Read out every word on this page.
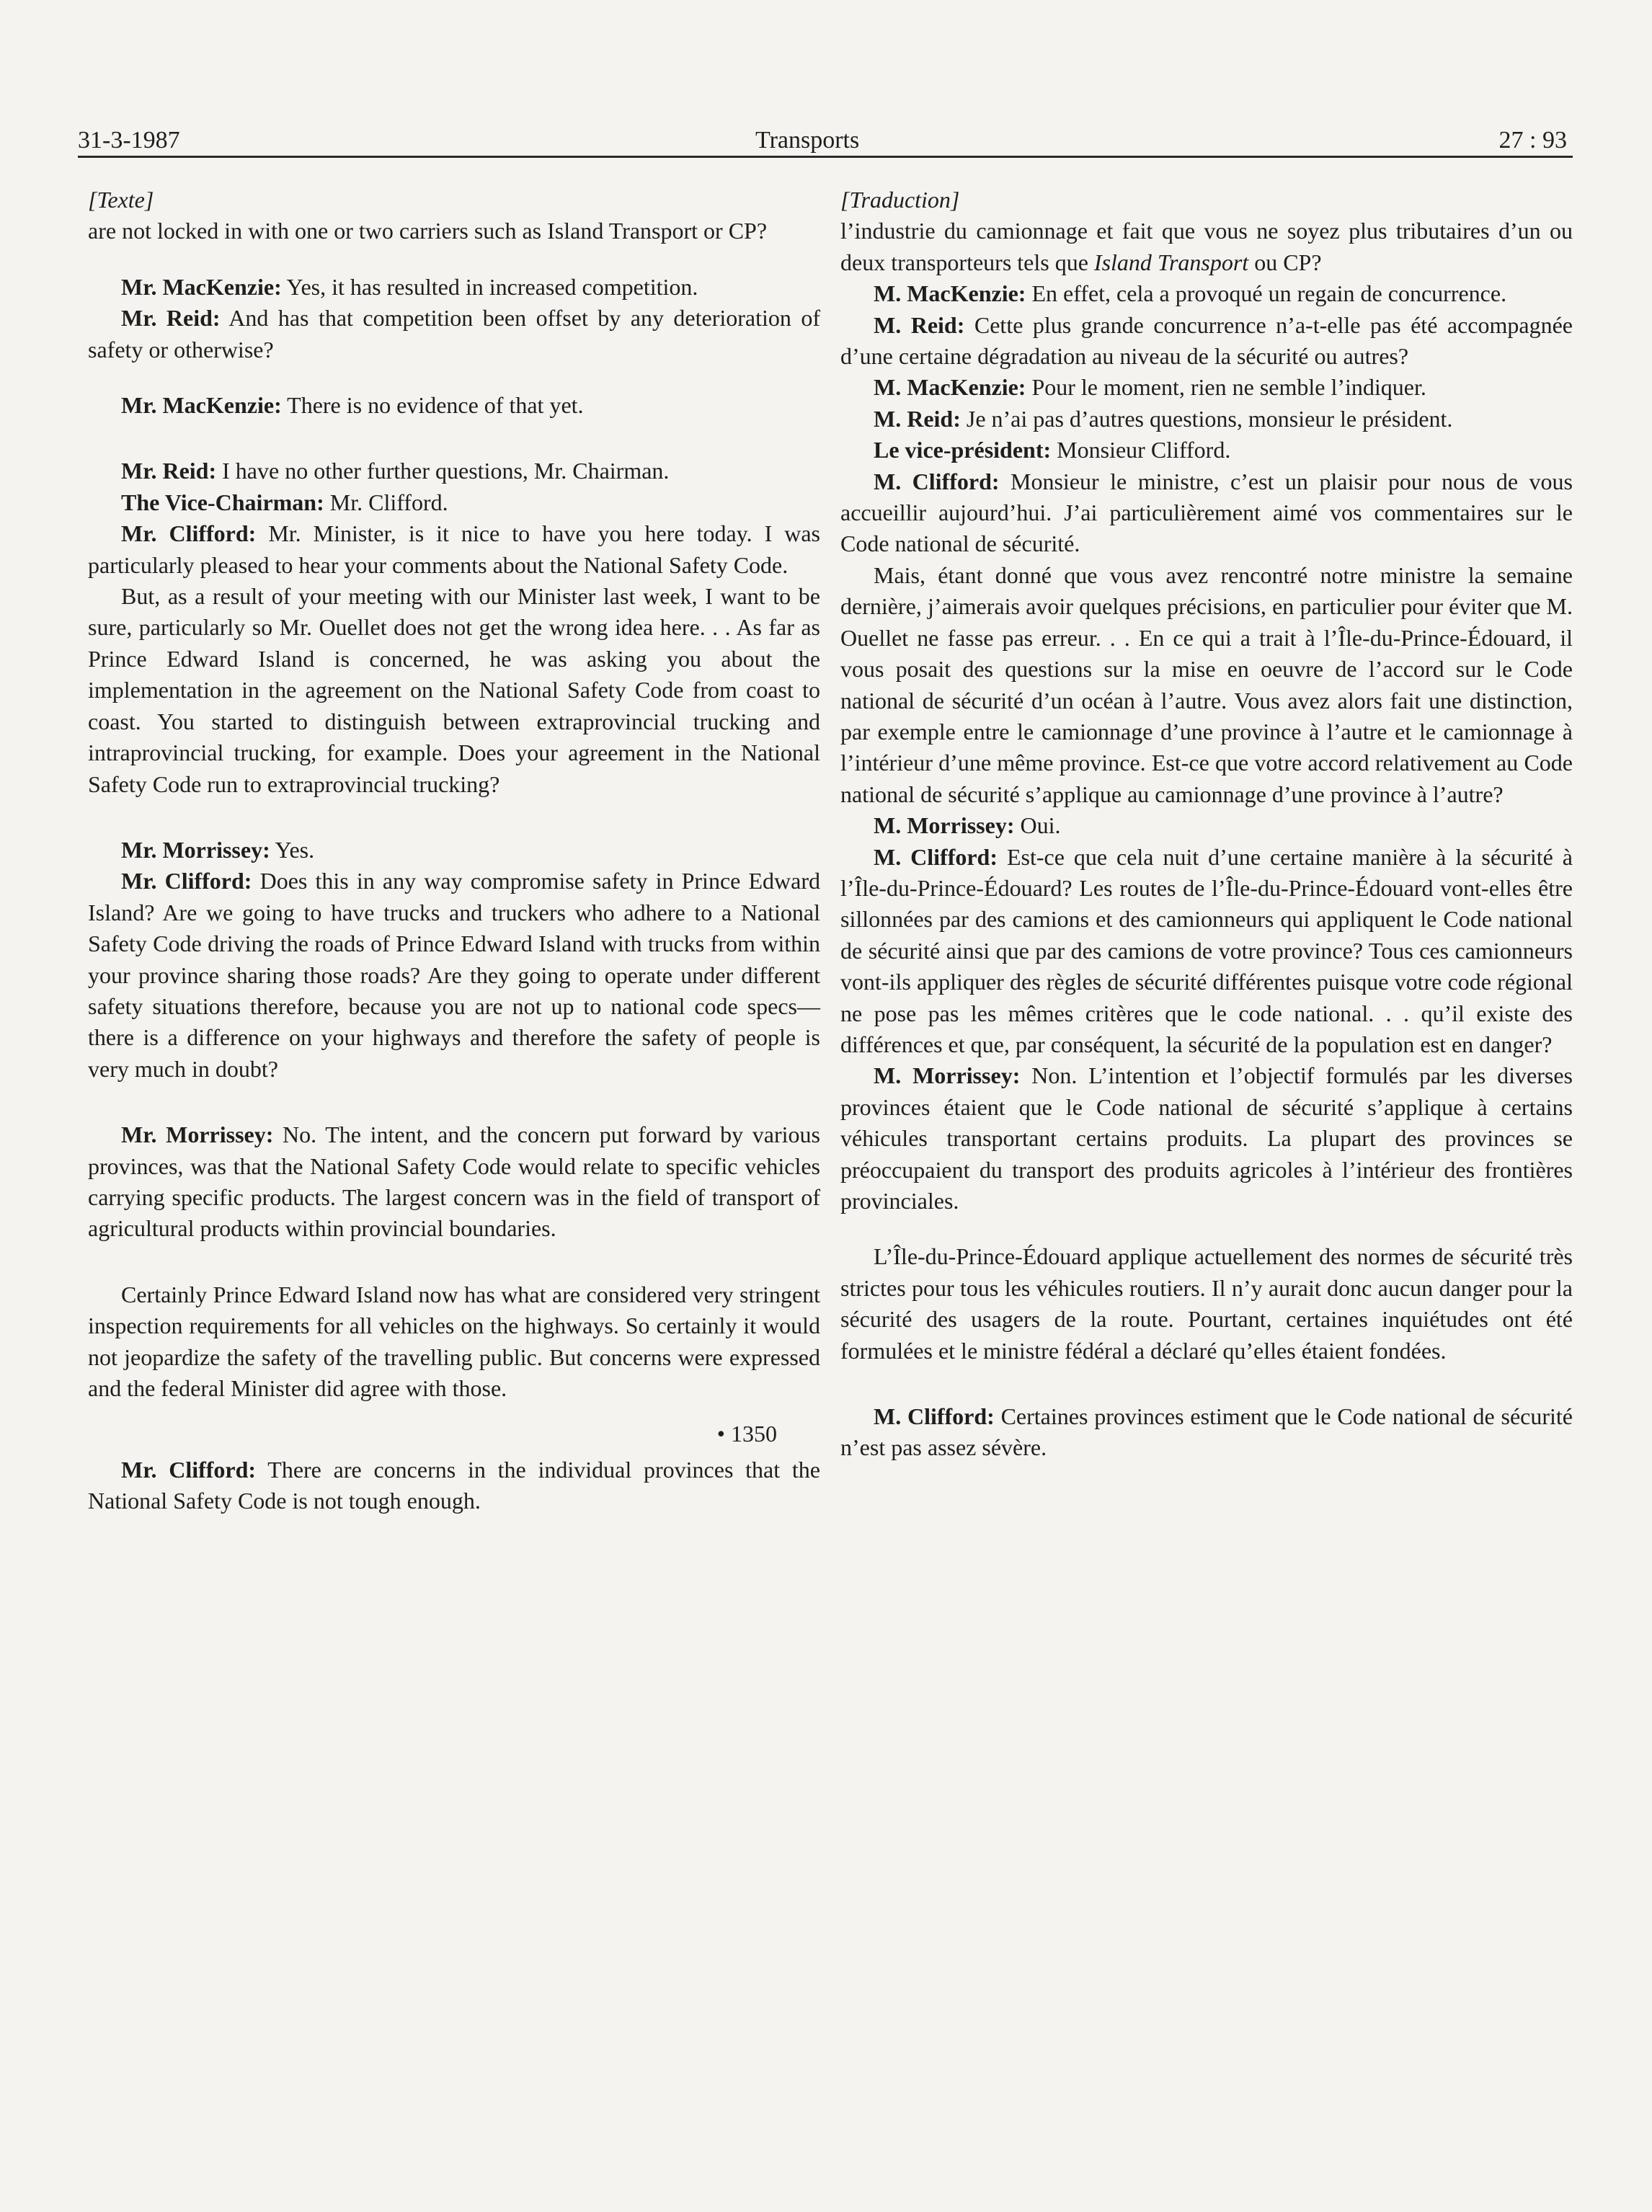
31-3-1987	Transports	27 : 93

[Texte]

are not locked in with one or two carriers such as Island Transport or CP?

Mr. MacKenzie: Yes, it has resulted in increased competition.

Mr. Reid: And has that competition been offset by any deterioration of safety or otherwise?

Mr. MacKenzie: There is no evidence of that yet.

Mr. Reid: I have no other further questions, Mr. Chairman.

The Vice-Chairman: Mr. Clifford.

Mr. Clifford: Mr. Minister, is it nice to have you here today. I was particularly pleased to hear your comments about the National Safety Code.

But, as a result of your meeting with our Minister last week, I want to be sure, particularly so Mr. Ouellet does not get the wrong idea here. . . As far as Prince Edward Island is concerned, he was asking you about the implementation in the agreement on the National Safety Code from coast to coast. You started to distinguish between extraprovincial trucking and intraprovincial trucking, for example. Does your agreement in the National Safety Code run to extraprovincial trucking?

Mr. Morrissey: Yes.

Mr. Clifford: Does this in any way compromise safety in Prince Edward Island? Are we going to have trucks and truckers who adhere to a National Safety Code driving the roads of Prince Edward Island with trucks from within your province sharing those roads? Are they going to operate under different safety situations therefore, because you are not up to national code specs—there is a difference on your highways and therefore the safety of people is very much in doubt?

Mr. Morrissey: No. The intent, and the concern put forward by various provinces, was that the National Safety Code would relate to specific vehicles carrying specific products. The largest concern was in the field of transport of agricultural products within provincial boundaries.

Certainly Prince Edward Island now has what are considered very stringent inspection requirements for all vehicles on the highways. So certainly it would not jeopardize the safety of the travelling public. But concerns were expressed and the federal Minister did agree with those.

• 1350

Mr. Clifford: There are concerns in the individual provinces that the National Safety Code is not tough enough.

[Traduction]

l’industrie du camionnage et fait que vous ne soyez plus tributaires d’un ou deux transporteurs tels que Island Transport ou CP?

M. MacKenzie: En effet, cela a provoqué un regain de concurrence.

M. Reid: Cette plus grande concurrence n’a-t-elle pas été accompagnée d’une certaine dégradation au niveau de la sécurité ou autres?

M. MacKenzie: Pour le moment, rien ne semble l’indiquer.

M. Reid: Je n’ai pas d’autres questions, monsieur le président.

Le vice-président: Monsieur Clifford.

M. Clifford: Monsieur le ministre, c’est un plaisir pour nous de vous accueillir aujourd’hui. J’ai particulièrement aimé vos commentaires sur le Code national de sécurité.

Mais, étant donné que vous avez rencontré notre ministre la semaine dernière, j’aimerais avoir quelques précisions, en particulier pour éviter que M. Ouellet ne fasse pas erreur. . . En ce qui a trait à l’Île-du-Prince-Édouard, il vous posait des questions sur la mise en oeuvre de l’accord sur le Code national de sécurité d’un océan à l’autre. Vous avez alors fait une distinction, par exemple entre le camionnage d’une province à l’autre et le camionnage à l’intérieur d’une même province. Est-ce que votre accord relativement au Code national de sécurité s’applique au camionnage d’une province à l’autre?

M. Morrissey: Oui.

M. Clifford: Est-ce que cela nuit d’une certaine manière à la sécurité à l’Île-du-Prince-Édouard? Les routes de l’Île-du-Prince-Édouard vont-elles être sillonnées par des camions et des camionneurs qui appliquent le Code national de sécurité ainsi que par des camions de votre province? Tous ces camionneurs vont-ils appliquer des règles de sécurité différentes puisque votre code régional ne pose pas les mêmes critères que le code national. . . qu’il existe des différences et que, par conséquent, la sécurité de la population est en danger?

M. Morrissey: Non. L’intention et l’objectif formulés par les diverses provinces étaient que le Code national de sécurité s’applique à certains véhicules transportant certains produits. La plupart des provinces se préoccupaient du transport des produits agricoles à l’intérieur des frontières provinciales.

L’Île-du-Prince-Édouard applique actuellement des normes de sécurité très strictes pour tous les véhicules routiers. Il n’y aurait donc aucun danger pour la sécurité des usagers de la route. Pourtant, certaines inquiétudes ont été formulées et le ministre fédéral a déclaré qu’elles étaient fondées.

M. Clifford: Certaines provinces estiment que le Code national de sécurité n’est pas assez sévère.
